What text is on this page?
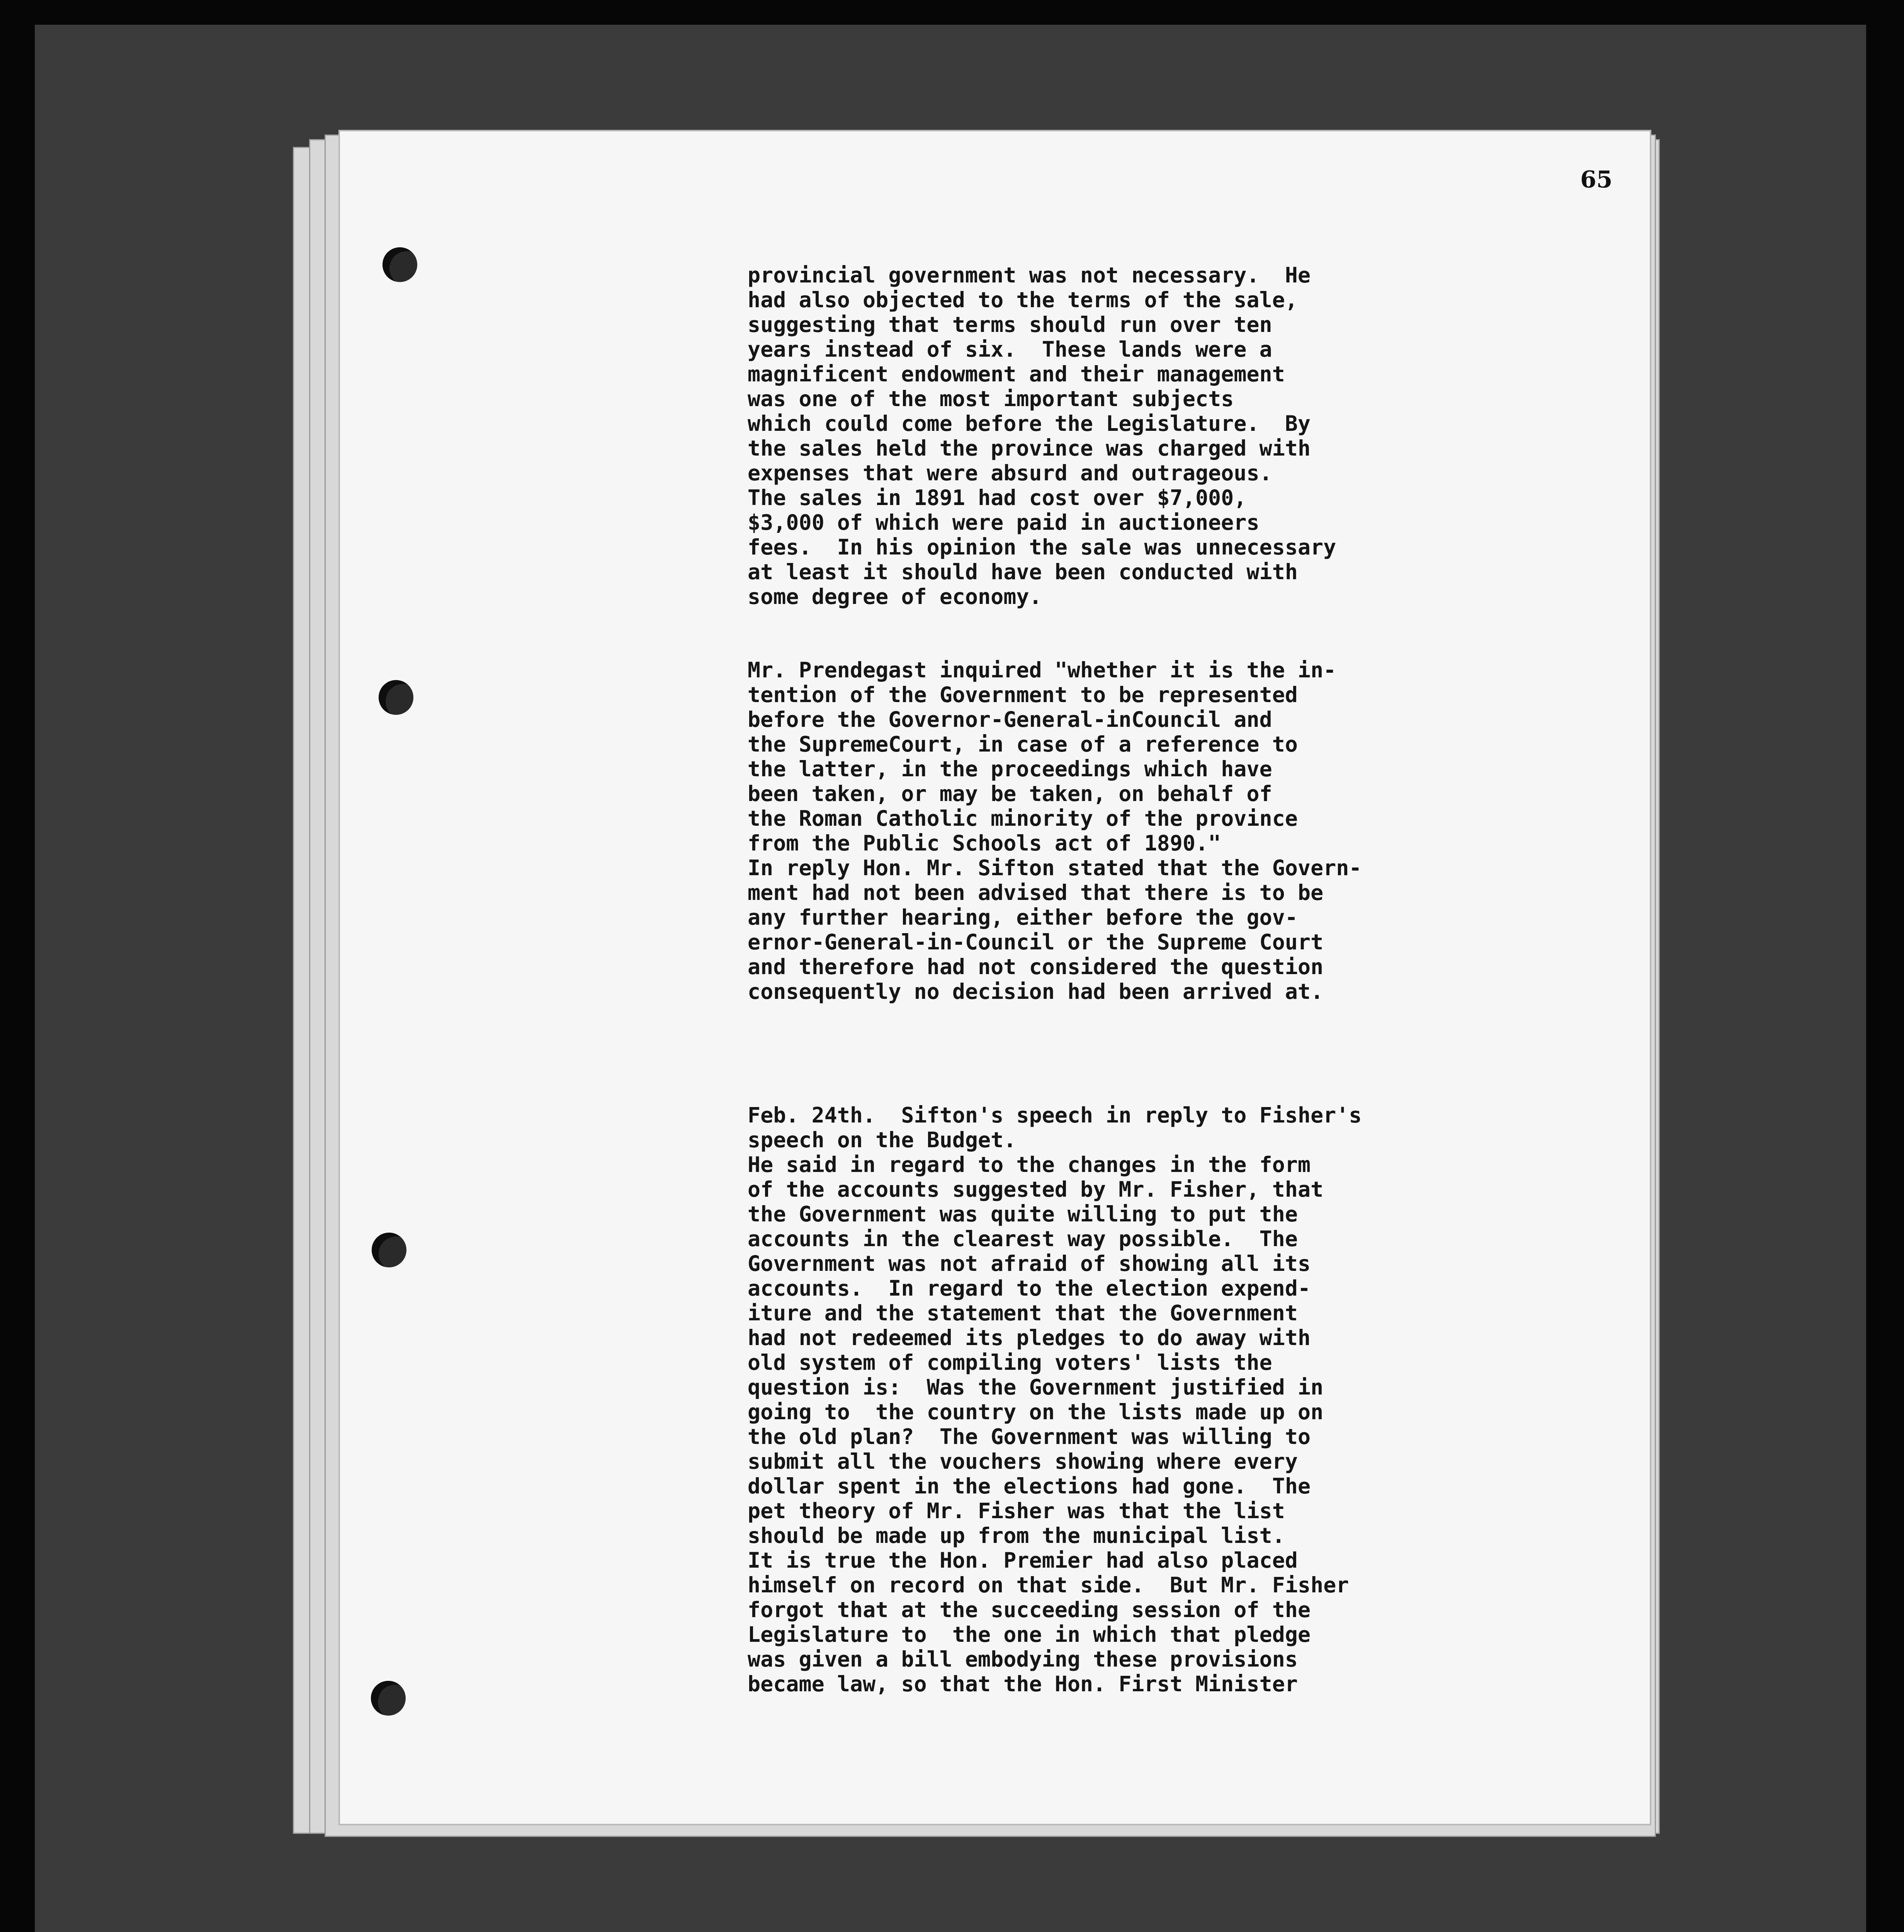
65

provincial government was not necessary.  He
had also objected to the terms of the sale,
suggesting that terms should run over ten
years instead of six.  These lands were a
magnificent endowment and their management
was one of the most important subjects
which could come before the Legislature.  By
the sales held the province was charged with
expenses that were absurd and outrageous.
The sales in 1891 had cost over $7,000,
$3,000 of which were paid in auctioneers
fees.  In his opinion the sale was unnecessary
at least it should have been conducted with
some degree of economy.

Mr. Prendegast inquired "whether it is the in-
tention of the Government to be represented
before the Governor-General-inCouncil and
the SupremeCourt, in case of a reference to
the latter, in the proceedings which have
been taken, or may be taken, on behalf of
the Roman Catholic minority of the province
from the Public Schools act of 1890."
In reply Hon. Mr. Sifton stated that the Govern-
ment had not been advised that there is to be
any further hearing, either before the gov-
ernor-General-in-Council or the Supreme Court
and therefore had not considered the question
consequently no decision had been arrived at.

Feb. 24th.  Sifton's speech in reply to Fisher's
speech on the Budget.
He said in regard to the changes in the form
of the accounts suggested by Mr. Fisher, that
the Government was quite willing to put the
accounts in the clearest way possible.  The
Government was not afraid of showing all its
accounts.  In regard to the election expend-
iture and the statement that the Government
had not redeemed its pledges to do away with
old system of compiling voters' lists the
question is:  Was the Government justified in
going to  the country on the lists made up on
the old plan?  The Government was willing to
submit all the vouchers showing where every
dollar spent in the elections had gone.  The
pet theory of Mr. Fisher was that the list
should be made up from the municipal list.
It is true the Hon. Premier had also placed
himself on record on that side.  But Mr. Fisher
forgot that at the succeeding session of the
Legislature to  the one in which that pledge
was given a bill embodying these provisions
became law, so that the Hon. First Minister
